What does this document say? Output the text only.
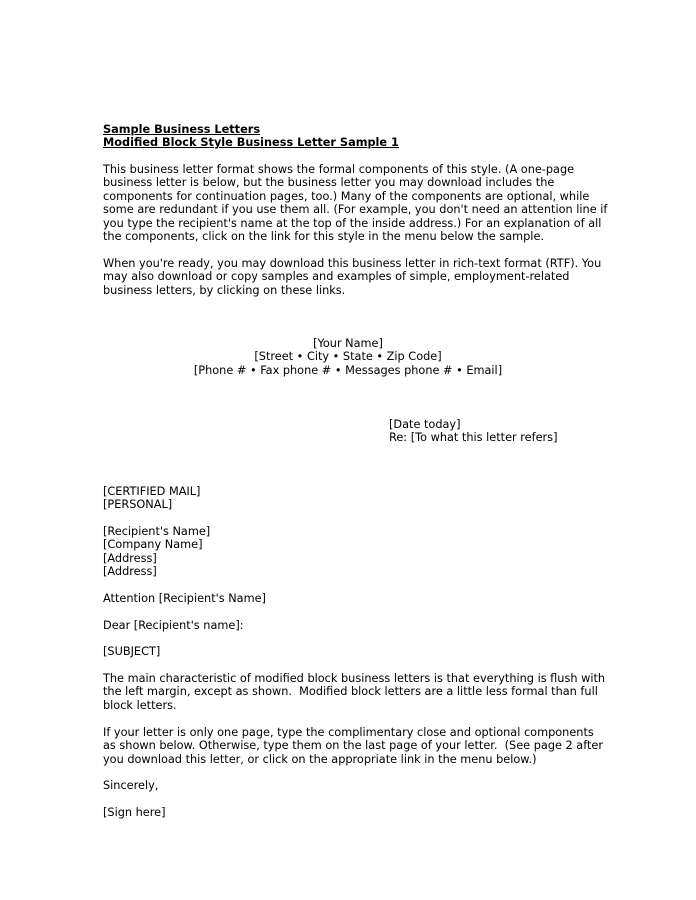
Sample Business Letters
Modified Block Style Business Letter Sample 1
This business letter format shows the formal components of this style. (A one-page
business letter is below, but the business letter you may download includes the
components for continuation pages, too.) Many of the components are optional, while
some are redundant if you use them all. (For example, you don't need an attention line if
you type the recipient's name at the top of the inside address.) For an explanation of all
the components, click on the link for this style in the menu below the sample.
When you're ready, you may download this business letter in rich-text format (RTF). You
may also download or copy samples and examples of simple, employment-related
business letters, by clicking on these links.
[Your Name]
[Street • City • State • Zip Code]
[Phone # • Fax phone # • Messages phone # • Email]
[Date today]
Re: [To what this letter refers]
[CERTIFIED MAIL]
[PERSONAL]
[Recipient's Name]
[Company Name]
[Address]
[Address]
Attention [Recipient's Name]
Dear [Recipient's name]:
[SUBJECT]
The main characteristic of modified block business letters is that everything is flush with
the left margin, except as shown.  Modified block letters are a little less formal than full
block letters.
If your letter is only one page, type the complimentary close and optional components
as shown below. Otherwise, type them on the last page of your letter.  (See page 2 after
you download this letter, or click on the appropriate link in the menu below.)
Sincerely,
[Sign here]
